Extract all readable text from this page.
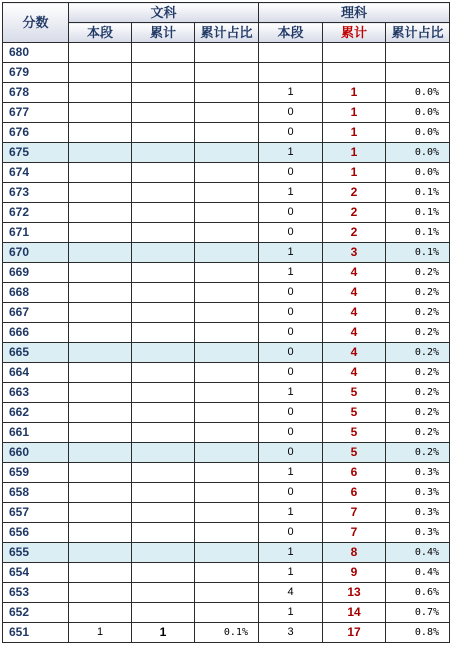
分数	文科			理科		
	本段	累计	累计占比	本段	累计	累计占比
680						
679						
678				1	1	0.0%
677				0	1	0.0%
676				0	1	0.0%
675				1	1	0.0%
674				0	1	0.0%
673				1	2	0.1%
672				0	2	0.1%
671				0	2	0.1%
670				1	3	0.1%
669				1	4	0.2%
668				0	4	0.2%
667				0	4	0.2%
666				0	4	0.2%
665				0	4	0.2%
664				0	4	0.2%
663				1	5	0.2%
662				0	5	0.2%
661				0	5	0.2%
660				0	5	0.2%
659				1	6	0.3%
658				0	6	0.3%
657				1	7	0.3%
656				0	7	0.3%
655				1	8	0.4%
654				1	9	0.4%
653				4	13	0.6%
652				1	14	0.7%
651	1	1	0.1%	3	17	0.8%
